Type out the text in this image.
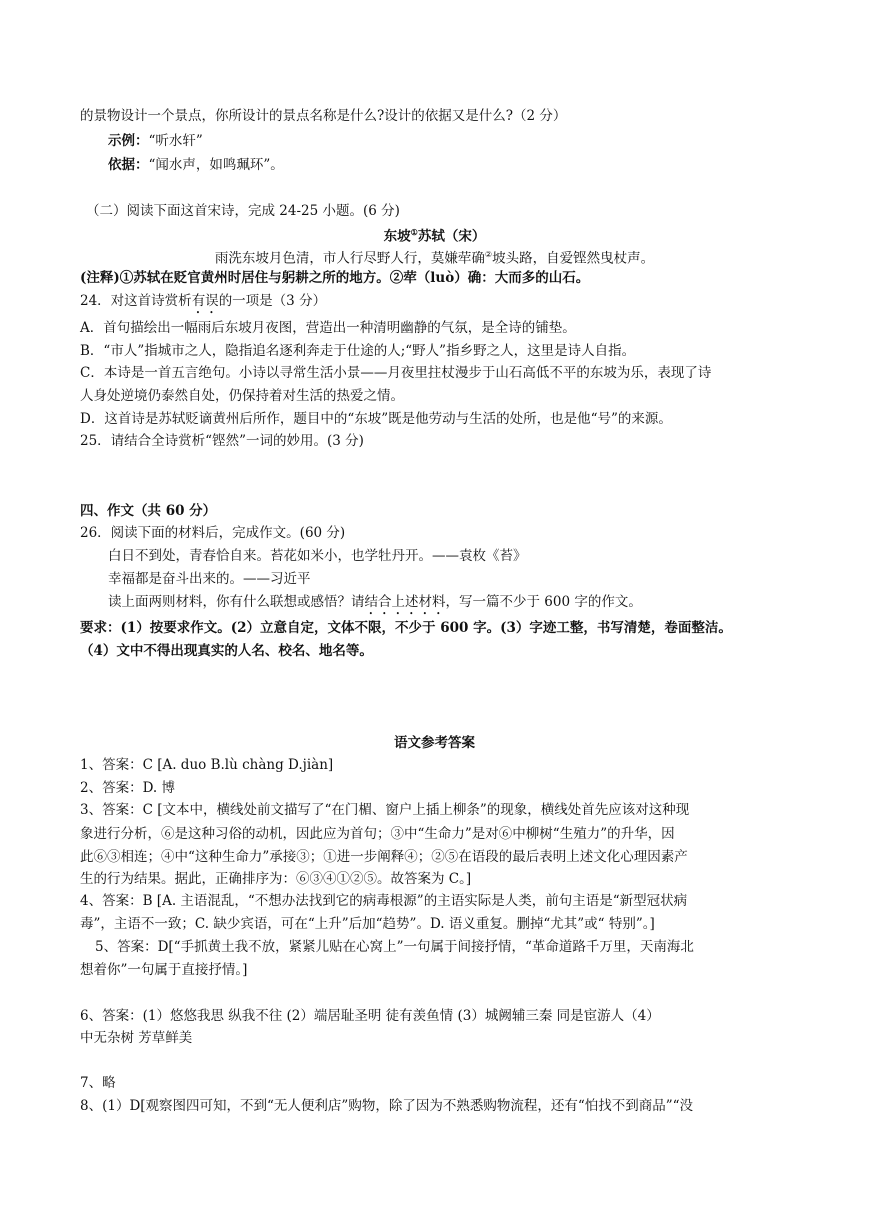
的景物设计一个景点，你所设计的景点名称是什么?设计的依据又是什么?（2 分）
示例：“听水轩”
依据：“闻水声，如鸣珮环”。
（二）阅读下面这首宋诗，完成 24-25 小题。(6 分)
东坡①苏轼（宋）
雨洗东坡月色清，市人行尽野人行，莫嫌荦确②坡头路，自爱铿然曳杖声。
(注释)①苏轼在贬官黄州时居住与躬耕之所的地方。②荦（luò）确：大而多的山石。
24．对这首诗赏析有误的一项是（3 分）
A．首句描绘出一幅雨后东坡月夜图，营造出一种清明幽静的气氛，是全诗的铺垫。
B．“市人”指城市之人，隐指追名逐利奔走于仕途的人;“野人”指乡野之人，这里是诗人自指。
C．本诗是一首五言绝句。小诗以寻常生活小景——月夜里拄杖漫步于山石高低不平的东坡为乐，表现了诗
人身处逆境仍泰然自处，仍保持着对生活的热爱之情。
D．这首诗是苏轼贬谪黄州后所作，题目中的“东坡”既是他劳动与生活的处所，也是他“号”的来源。
25．请结合全诗赏析“铿然”一词的妙用。(3 分)
四、作文（共 60 分）
26．阅读下面的材料后，完成作文。(60 分)
白日不到处，青春恰自来。苔花如米小，也学牡丹开。——袁枚《苔》
幸福都是奋斗出来的。——习近平
读上面两则材料，你有什么联想或感悟？请结合上述材料，写一篇不少于 600 字的作文。
要求：(1）按要求作文。(2）立意自定，文体不限，不少于 600 字。(3）字迹工整，书写清楚，卷面整洁。
（4）文中不得出现真实的人名、校名、地名等。
语文参考答案
1、答案：C [A. duo B.lù chàng D.jiàn]
2、答案：D. 博
3、答案：C [文本中，横线处前文描写了“在门楣、窗户上插上柳条”的现象，横线处首先应该对这种现
象进行分析，⑥是这种习俗的动机，因此应为首句；③中“生命力”是对⑥中柳树“生殖力”的升华，因
此⑥③相连；④中“这种生命力”承接③；①进一步阐释④；②⑤在语段的最后表明上述文化心理因素产
生的行为结果。据此，正确排序为：⑥③④①②⑤。故答案为 C。]
4、答案：B [A. 主语混乱，“不想办法找到它的病毒根源”的主语实际是人类，前句主语是“新型冠状病
毒”，主语不一致；C. 缺少宾语，可在“上升”后加“趋势”。D. 语义重复。删掉“尤其”或“ 特别”。]
5、答案：D[“手抓黄土我不放，紧紧儿贴在心窝上”一句属于间接抒情，“革命道路千万里，天南海北
想着你”一句属于直接抒情。]
6、答案：(1）悠悠我思 纵我不往 (2）端居耻圣明 徒有羡鱼情 (3）城阙辅三秦 同是宦游人（4）
中无杂树 芳草鲜美
7、略
8、(1）D[观察图四可知，不到“无人便利店”购物，除了因为不熟悉购物流程，还有“怕找不到商品”“没
